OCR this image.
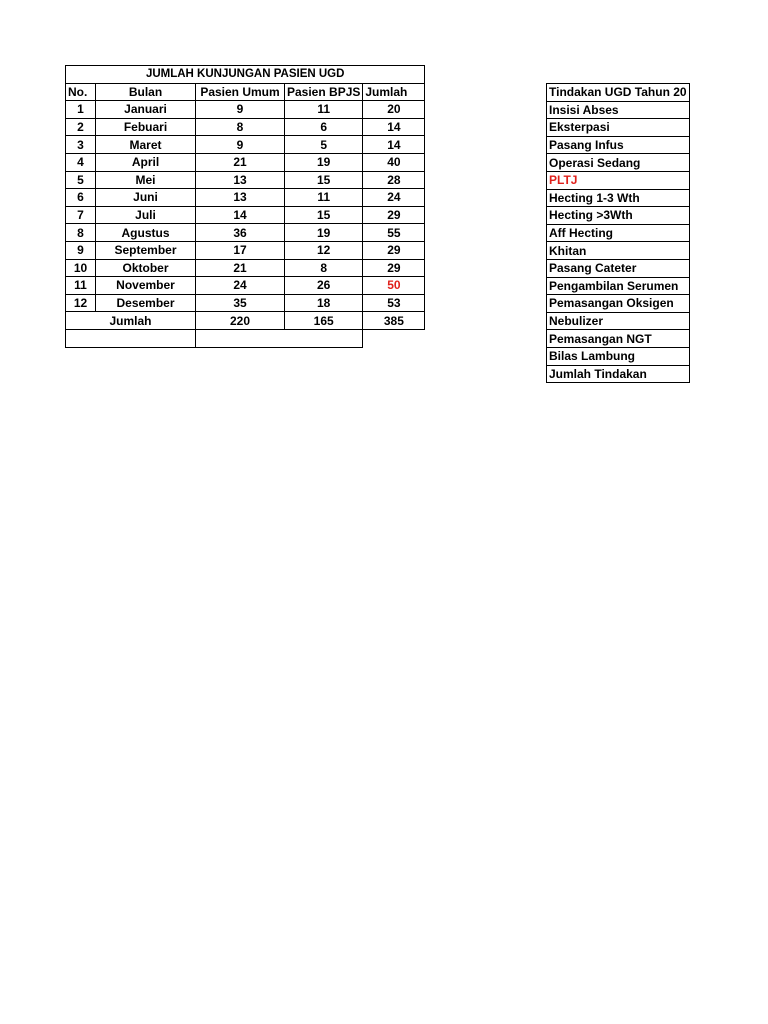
JUMLAH KUNJUNGAN PASIEN UGD				
No.	Bulan	Pasien Umum	Pasien BPJS	Jumlah
1	Januari	9	11	20
2	Febuari	8	6	14
3	Maret	9	5	14
4	April	21	19	40
5	Mei	13	15	28
6	Juni	13	11	24
7	Juli	14	15	29
8	Agustus	36	19	55
9	September	17	12	29
10	Oktober	21	8	29
11	November	24	26	50
12	Desember	35	18	53
Jumlah		220	165	385

Tindakan UGD Tahun 20
Insisi Abses
Eksterpasi
Pasang Infus
Operasi Sedang
PLTJ
Hecting 1-3 Wth
Hecting >3Wth
Aff Hecting
Khitan
Pasang Cateter
Pengambilan Serumen
Pemasangan Oksigen
Nebulizer
Pemasangan NGT
Bilas Lambung
Jumlah Tindakan
